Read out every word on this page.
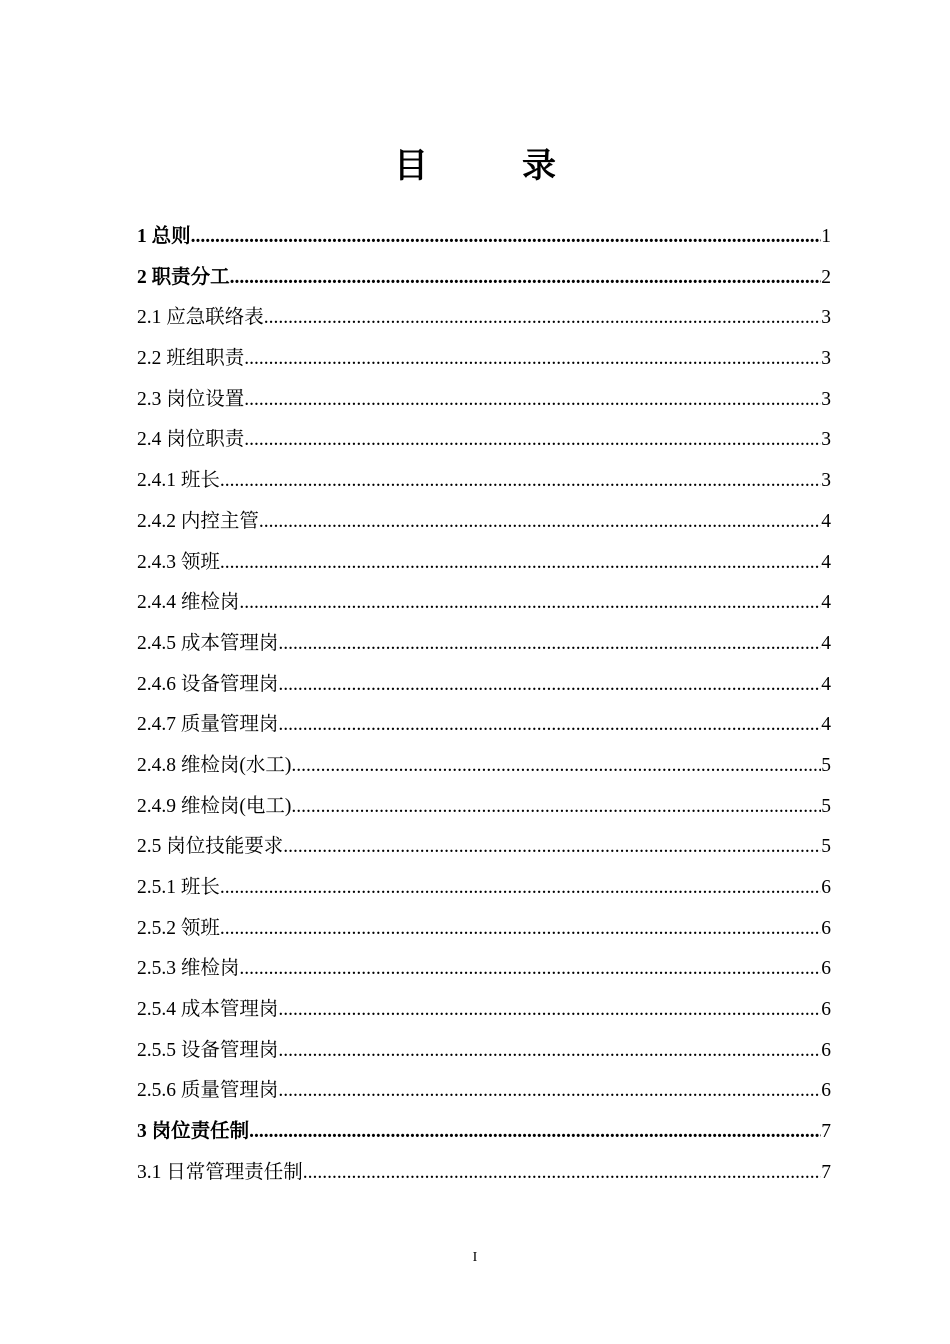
目　录
1 总则 .....	1
2 职责分工 .....	2
2.1 应急联络表 .....	3
2.2 班组职责 .....	3
2.3 岗位设置 .....	3
2.4 岗位职责 .....	3
2.4.1 班长 .....	3
2.4.2 内控主管 .....	4
2.4.3 领班 .....	4
2.4.4 维检岗 .....	4
2.4.5 成本管理岗 .....	4
2.4.6 设备管理岗 .....	4
2.4.7 质量管理岗 .....	4
2.4.8 维检岗(水工) .....	5
2.4.9 维检岗(电工) .....	5
2.5 岗位技能要求 .....	5
2.5.1 班长 .....	6
2.5.2 领班 .....	6
2.5.3 维检岗 .....	6
2.5.4 成本管理岗 .....	6
2.5.5 设备管理岗 .....	6
2.5.6 质量管理岗 .....	6
3 岗位责任制 .....	7
3.1 日常管理责任制 .....	7
I
